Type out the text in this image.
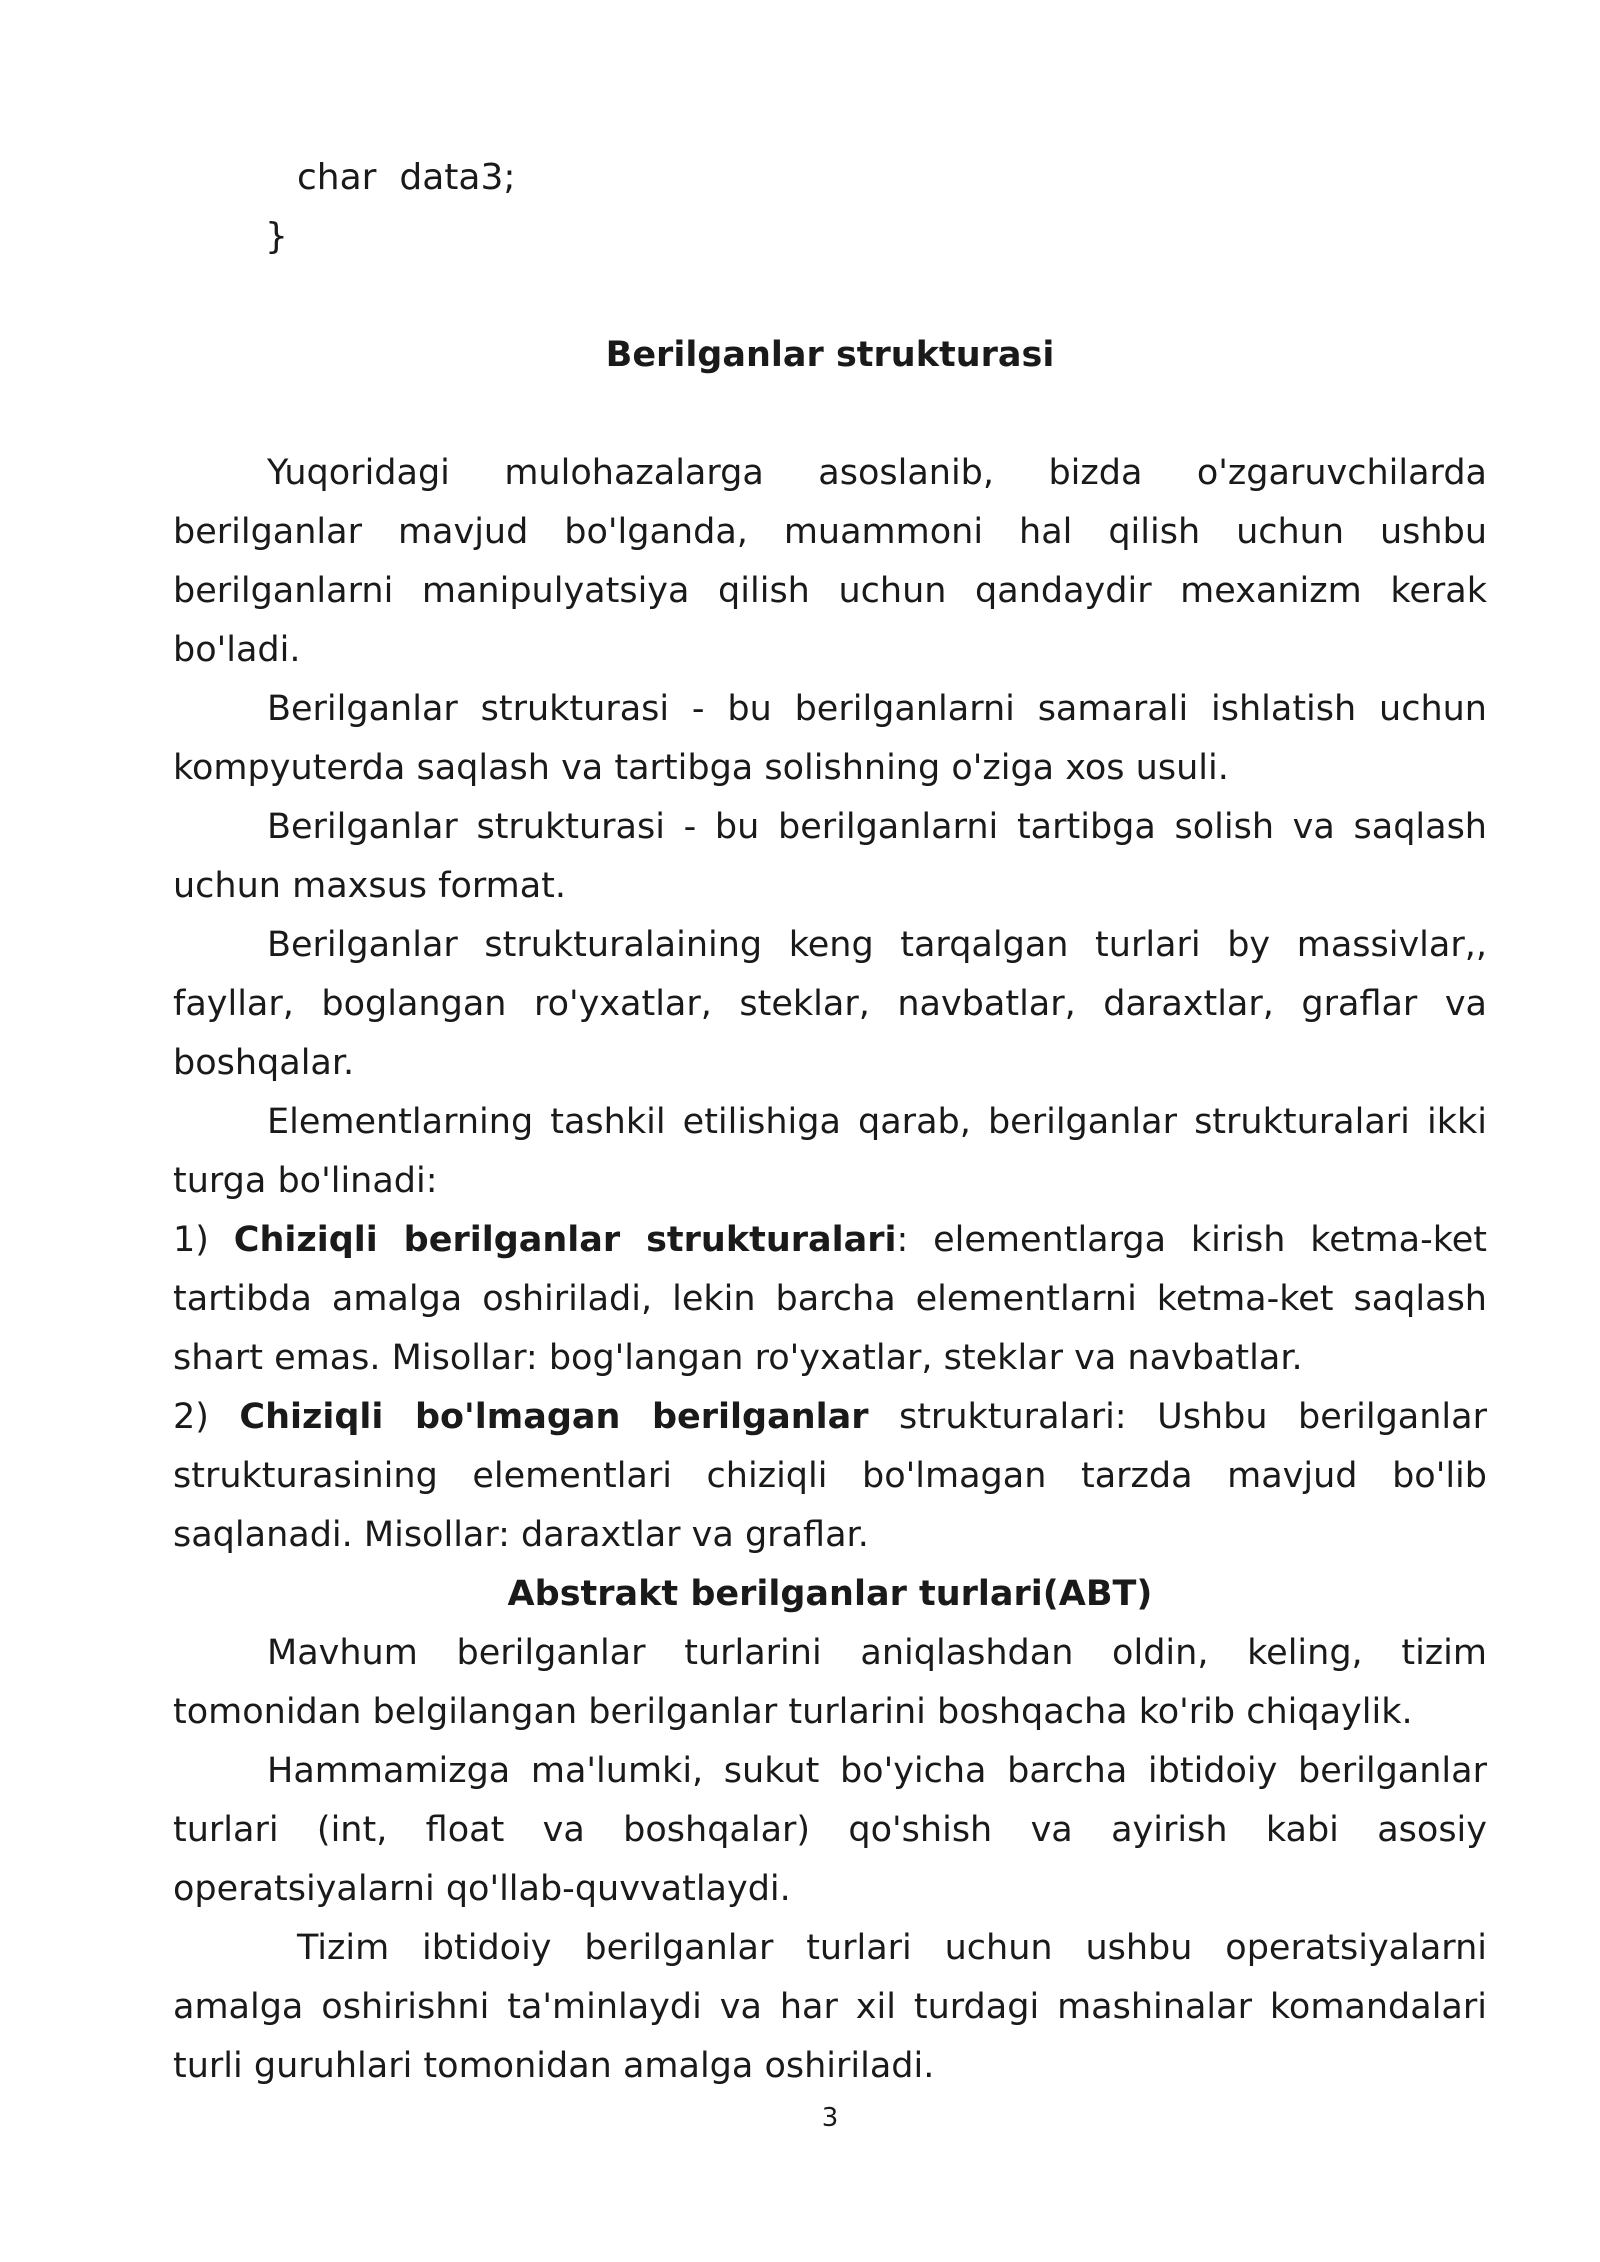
char  data3;
}
Berilganlar strukturasi

Yuqoridagi mulohazalarga asoslanib, bizda o'zgaruvchilarda berilganlar mavjud bo'lganda, muammoni hal qilish uchun ushbu berilganlarni manipulyatsiya qilish uchun qandaydir mexanizm kerak bo'ladi.

Berilganlar strukturasi - bu berilganlarni samarali ishlatish uchun kompyuterda saqlash va tartibga solishning o'ziga xos usuli.

Berilganlar strukturasi - bu berilganlarni tartibga solish va saqlash uchun maxsus format.

Berilganlar strukturalaining keng tarqalgan turlari by massivlar,, fayllar, boglangan ro'yxatlar, steklar, navbatlar, daraxtlar, graflar va boshqalar.

Elementlarning tashkil etilishiga qarab, berilganlar strukturalari ikki turga bo'linadi:

1) Chiziqli berilganlar strukturalari: elementlarga kirish ketma-ket tartibda amalga oshiriladi, lekin barcha elementlarni ketma-ket saqlash shart emas. Misollar: bog'langan ro'yxatlar, steklar va navbatlar.

2) Chiziqli bo'lmagan berilganlar strukturalari: Ushbu berilganlar strukturasining elementlari chiziqli bo'lmagan tarzda mavjud bo'lib saqlanadi. Misollar: daraxtlar va graflar.

Abstrakt berilganlar turlari(ABT)

Mavhum berilganlar turlarini aniqlashdan oldin, keling, tizim tomonidan belgilangan berilganlar turlarini boshqacha ko'rib chiqaylik.

Hammamizga ma'lumki, sukut bo'yicha barcha ibtidoiy berilganlar turlari (int, float va boshqalar) qo'shish va ayirish kabi asosiy operatsiyalarni qo'llab-quvvatlaydi.

Tizim ibtidoiy berilganlar turlari uchun ushbu operatsiyalarni amalga oshirishni ta'minlaydi va har xil turdagi mashinalar komandalari turli guruhlari tomonidan amalga oshiriladi.

3
